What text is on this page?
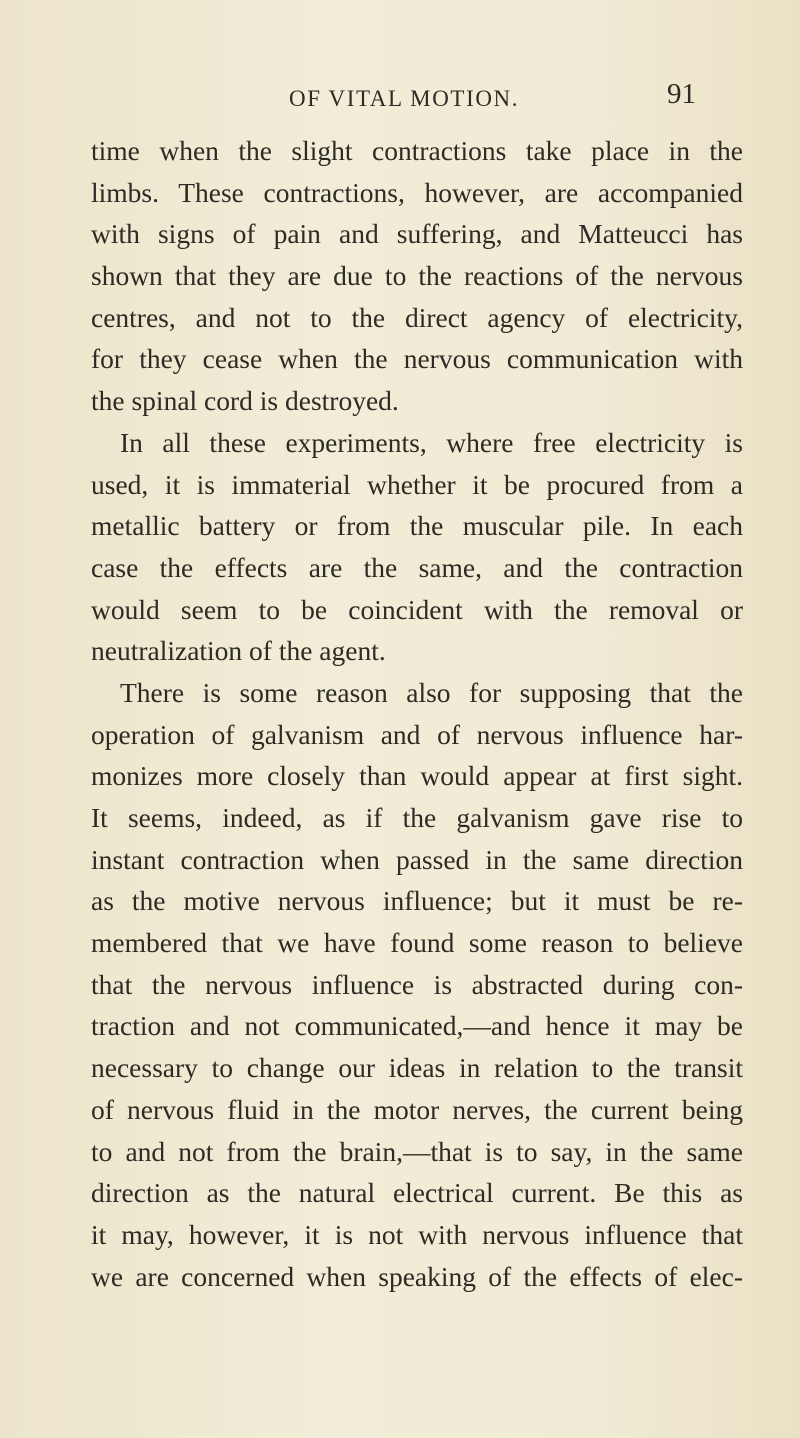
OF VITAL MOTION.	91
time when the slight contractions take place in the
limbs. These contractions, however, are accompanied
with signs of pain and suffering, and Matteucci has
shown that they are due to the reactions of the nervous
centres, and not to the direct agency of electricity,
for they cease when the nervous communication with
the spinal cord is destroyed.
In all these experiments, where free electricity is
used, it is immaterial whether it be procured from a
metallic battery or from the muscular pile. In each
case the effects are the same, and the contraction
would seem to be coincident with the removal or
neutralization of the agent.
There is some reason also for supposing that the
operation of galvanism and of nervous influence har-
monizes more closely than would appear at first sight.
It seems, indeed, as if the galvanism gave rise to
instant contraction when passed in the same direction
as the motive nervous influence; but it must be re-
membered that we have found some reason to believe
that the nervous influence is abstracted during con-
traction and not communicated,—and hence it may be
necessary to change our ideas in relation to the transit
of nervous fluid in the motor nerves, the current being
to and not from the brain,—that is to say, in the same
direction as the natural electrical current. Be this as
it may, however, it is not with nervous influence that
we are concerned when speaking of the effects of elec-
